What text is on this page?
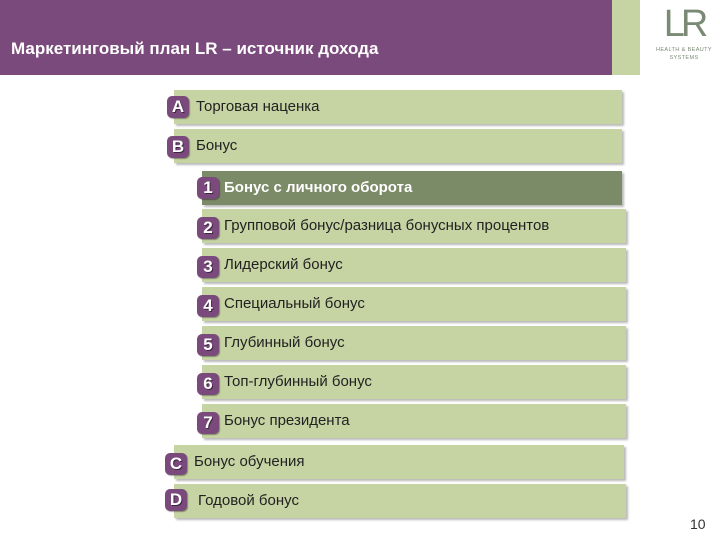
Маркетинговый план LR – источник дохода
LR
HEALTH & BEAUTY
SYSTEMS
Торговая наценка
A
Бонус
B
Бонус с личного оборота
1
Групповой бонус/разница бонусных процентов
2
Лидерский бонус
3
Специальный бонус
4
Глубинный бонус
5
Топ-глубинный бонус
6
Бонус президента
7
Бонус обучения
C
Годовой бонус
D
10
